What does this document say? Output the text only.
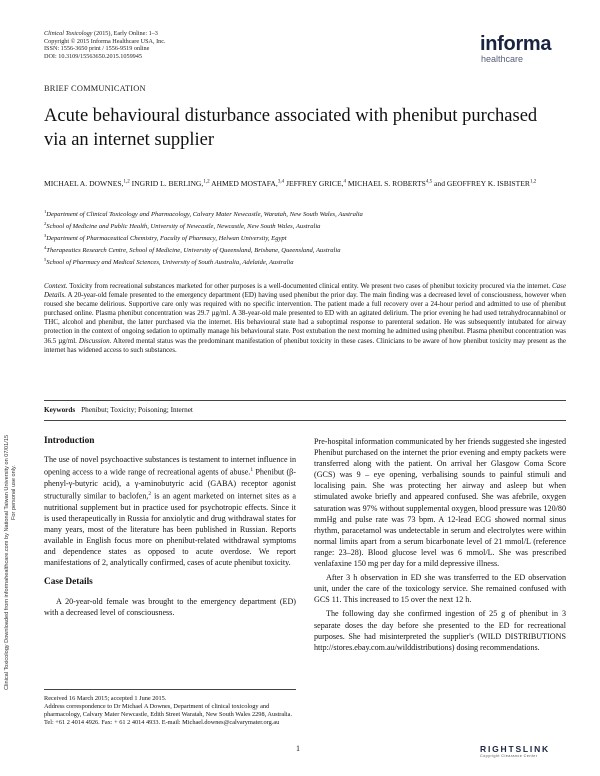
Clinical Toxicology (2015), Early Online: 1–3
Copyright © 2015 Informa Healthcare USA, Inc.
ISSN: 1556-3650 print / 1556-9519 online
DOI: 10.3109/15563650.2015.1059945
informa
healthcare
BRIEF COMMUNICATION
Acute behavioural disturbance associated with phenibut purchased via an internet supplier
MICHAEL A. DOWNES,$^{1,2}$ INGRID L. BERLING,$^{1,2}$ AHMED MOSTAFA,$^{3,4}$ JEFFREY GRICE,$^4$ MICHAEL S. ROBERTS$^{4,5}$ and GEOFFREY K. ISBISTER$^{1,2}$
$^1$Department of Clinical Toxicology and Pharmacology, Calvary Mater Newcastle, Waratah, New South Wales, Australia
$^2$School of Medicine and Public Health, University of Newcastle, Newcastle, New South Wales, Australia
$^3$Department of Pharmaceutical Chemistry, Faculty of Pharmacy, Helwan University, Egypt
$^4$Therapeutics Research Centre, School of Medicine, University of Queensland, Brisbane, Queensland, Australia
$^5$School of Pharmacy and Medical Sciences, University of South Australia, Adelaide, Australia
Context. Toxicity from recreational substances marketed for other purposes is a well-documented clinical entity. We present two cases of phenibut toxicity procured via the internet. Case Details. A 20-year-old female presented to the emergency department (ED) having used phenibut the prior day. The main finding was a decreased level of consciousness, however when roused she became delirious. Supportive care only was required with no specific intervention. The patient made a full recovery over a 24-hour period and admitted to use of phenibut purchased online. Plasma phenibut concentration was 29.7 µg/ml. A 38-year-old male presented to ED with an agitated delirium. The prior evening he had used tetrahydrocannabinol or THC, alcohol and phenibut, the latter purchased via the internet. His behavioural state had a suboptimal response to parenteral sedation. He was subsequently intubated for airway protection in the context of ongoing sedation to optimally manage his behavioural state. Post extubation the next morning he admitted using phenibut. Plasma phenibut concentration was 36.5 µg/ml. Discussion. Altered mental status was the predominant manifestation of phenibut toxicity in these cases. Clinicians to be aware of how phenibut toxicity may present as the internet has widened access to such substances.
Keywords Phenibut; Toxicity; Poisoning; Internet
Introduction

The use of novel psychoactive substances is testament to internet influence in opening access to a wide range of recreational agents of abuse.$^1$ Phenibut (β-phenyl-γ-butyric acid), a γ-aminobutyric acid (GABA) receptor agonist structurally similar to baclofen,$^2$ is an agent marketed on internet sites as a nutritional supplement but in practice used for psychotropic effects. Since it is used therapeutically in Russia for anxiolytic and drug withdrawal states for many years, most of the literature has been published in Russian. Reports available in English focus more on phenibut-related withdrawal symptoms and dependence states as opposed to acute overdose. We report manifestations of 2, analytically confirmed, cases of acute phenibut toxicity.

Case Details

A 20-year-old female was brought to the emergency department (ED) with a decreased level of consciousness.

Received 16 March 2015; accepted 1 June 2015.
Address correspondence to Dr Michael A Downes, Department of clinical toxicology and pharmacology, Calvary Mater Newcastle, Edith Street Waratah, New South Wales 2298, Australia. Tel: +61 2 4014 4926. Fax: + 61 2 4014 4933. E-mail: Michael.downes@calvarymater.org.au

Pre-hospital information communicated by her friends suggested she ingested Phenibut purchased on the internet the prior evening and empty packets were transferred along with the patient. On arrival her Glasgow Coma Score (GCS) was 9 – eye opening, verbalising sounds to painful stimuli and localising pain. She was protecting her airway and asleep but when stimulated awoke briefly and appeared confused. She was afebrile, oxygen saturation was 97% without supplemental oxygen, blood pressure was 120/80 mmHg and pulse rate was 73 bpm. A 12-lead ECG showed normal sinus rhythm, paracetamol was undetectable in serum and electrolytes were within normal limits apart from a serum bicarbonate level of 21 mmol/L (reference range: 23–28). Blood glucose level was 6 mmol/L. She was prescribed venlafaxine 150 mg per day for a mild depressive illness.

After 3 h observation in ED she was transferred to the ED observation unit, under the care of the toxicology service. She remained confused with GCS 11. This increased to 15 over the next 12 h.

The following day she confirmed ingestion of 25 g of phenibut in 3 separate doses the day before she presented to the ED for recreational purposes. She had misinterpreted the supplier's (WILD DISTRIBUTIONS http://stores.ebay.com.au/wilddistributions) dosing recommendations.

1	RIGHTSLINK
Copyright Clearance Center
Clinical Toxicology Downloaded from informahealthcare.com by National Taiwan University on 07/01/15 For personal use only.
